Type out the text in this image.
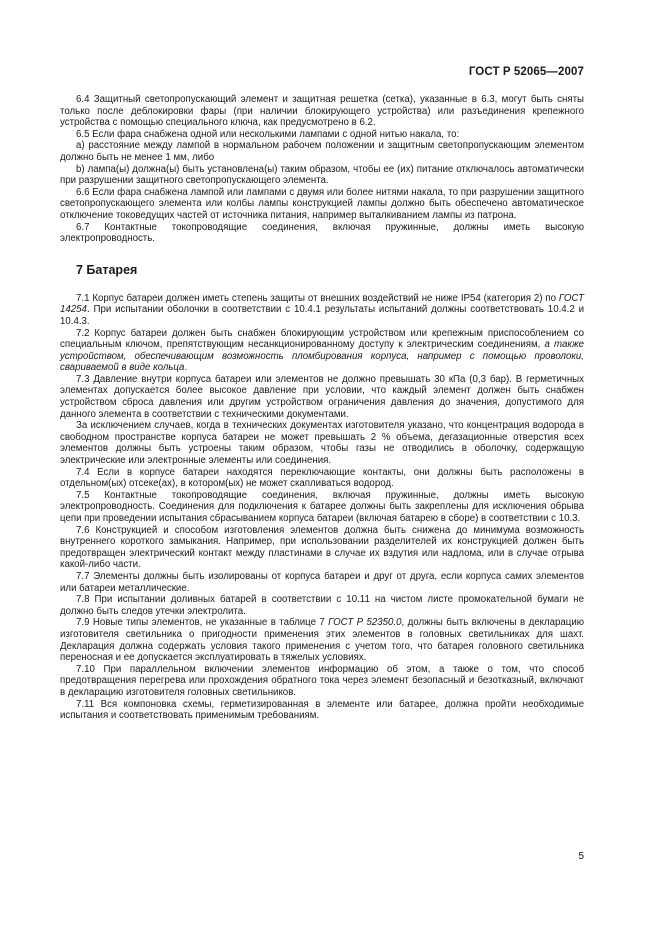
ГОСТ Р 52065—2007

6.4 Защитный светопропускающий элемент и защитная решетка (сетка), указанные в 6.3, могут быть сняты только после деблокировки фары (при наличии блокирующего устройства) или разъединения крепежного устройства с помощью специального ключа, как предусмотрено в 6.2.

6.5 Если фара снабжена одной или несколькими лампами с одной нитью накала, то:

a) расстояние между лампой в нормальном рабочем положении и защитным светопропускающим элементом должно быть не менее 1 мм, либо

b) лампа(ы) должна(ы) быть установлена(ы) таким образом, чтобы ее (их) питание отключалось автоматически при разрушении защитного светопропускающего элемента.

6.6 Если фара снабжена лампой или лампами с двумя или более нитями накала, то при разрушении защитного светопропускающего элемента или колбы лампы конструкцией лампы должно быть обеспечено автоматическое отключение токоведущих частей от источника питания, например выталкиванием лампы из патрона.

6.7 Контактные токопроводящие соединения, включая пружинные, должны иметь высокую электропроводность.

7 Батарея

7.1 Корпус батареи должен иметь степень защиты от внешних воздействий не ниже IP54 (категория 2) по ГОСТ 14254. При испытании оболочки в соответствии с 10.4.1 результаты испытаний должны соответствовать 10.4.2 и 10.4.3.

7.2 Корпус батареи должен быть снабжен блокирующим устройством или крепежным приспособлением со специальным ключом, препятствующим несанкционированному доступу к электрическим соединениям, а также устройством, обеспечивающим возможность пломбирования корпуса, например с помощью проволоки, свариваемой в виде кольца.

7.3 Давление внутри корпуса батареи или элементов не должно превышать 30 кПа (0,3 бар). В герметичных элементах допускается более высокое давление при условии, что каждый элемент должен быть снабжен устройством сброса давления или другим устройством ограничения давления до значения, допустимого для данного элемента в соответствии с техническими документами.

За исключением случаев, когда в технических документах изготовителя указано, что концентрация водорода в свободном пространстве корпуса батареи не может превышать 2 % объема, дегазационные отверстия всех элементов должны быть устроены таким образом, чтобы газы не отводились в оболочку, содержащую электрические или электронные элементы или соединения.

7.4 Если в корпусе батареи находятся переключающие контакты, они должны быть расположены в отдельном(ых) отсеке(ах), в котором(ых) не может скапливаться водород.

7.5 Контактные токопроводящие соединения, включая пружинные, должны иметь высокую электропроводность. Соединения для подключения к батарее должны быть закреплены для исключения обрыва цепи при проведении испытания сбрасыванием корпуса батареи (включая батарею в сборе) в соответствии с 10.3.

7.6 Конструкцией и способом изготовления элементов должна быть снижена до минимума возможность внутреннего короткого замыкания. Например, при использовании разделителей их конструкцией должен быть предотвращен электрический контакт между пластинами в случае их вздутия или надлома, или в случае отрыва какой-либо части.

7.7 Элементы должны быть изолированы от корпуса батареи и друг от друга, если корпуса самих элементов или батареи металлические.

7.8 При испытании доливных батарей в соответствии с 10.11 на чистом листе промокательной бумаги не должно быть следов утечки электролита.

7.9 Новые типы элементов, не указанные в таблице 7 ГОСТ Р 52350.0, должны быть включены в декларацию изготовителя светильника о пригодности применения этих элементов в головных светильниках для шахт. Декларация должна содержать условия такого применения с учетом того, что батарея головного светильника переносная и ее допускается эксплуатировать в тяжелых условиях.

7.10 При параллельном включении элементов информацию об этом, а также о том, что способ предотвращения перегрева или прохождения обратного тока через элемент безопасный и безотказный, включают в декларацию изготовителя головных светильников.

7.11 Вся компоновка схемы, герметизированная в элементе или батарее, должна пройти необходимые испытания и соответствовать применимым требованиям.

5
